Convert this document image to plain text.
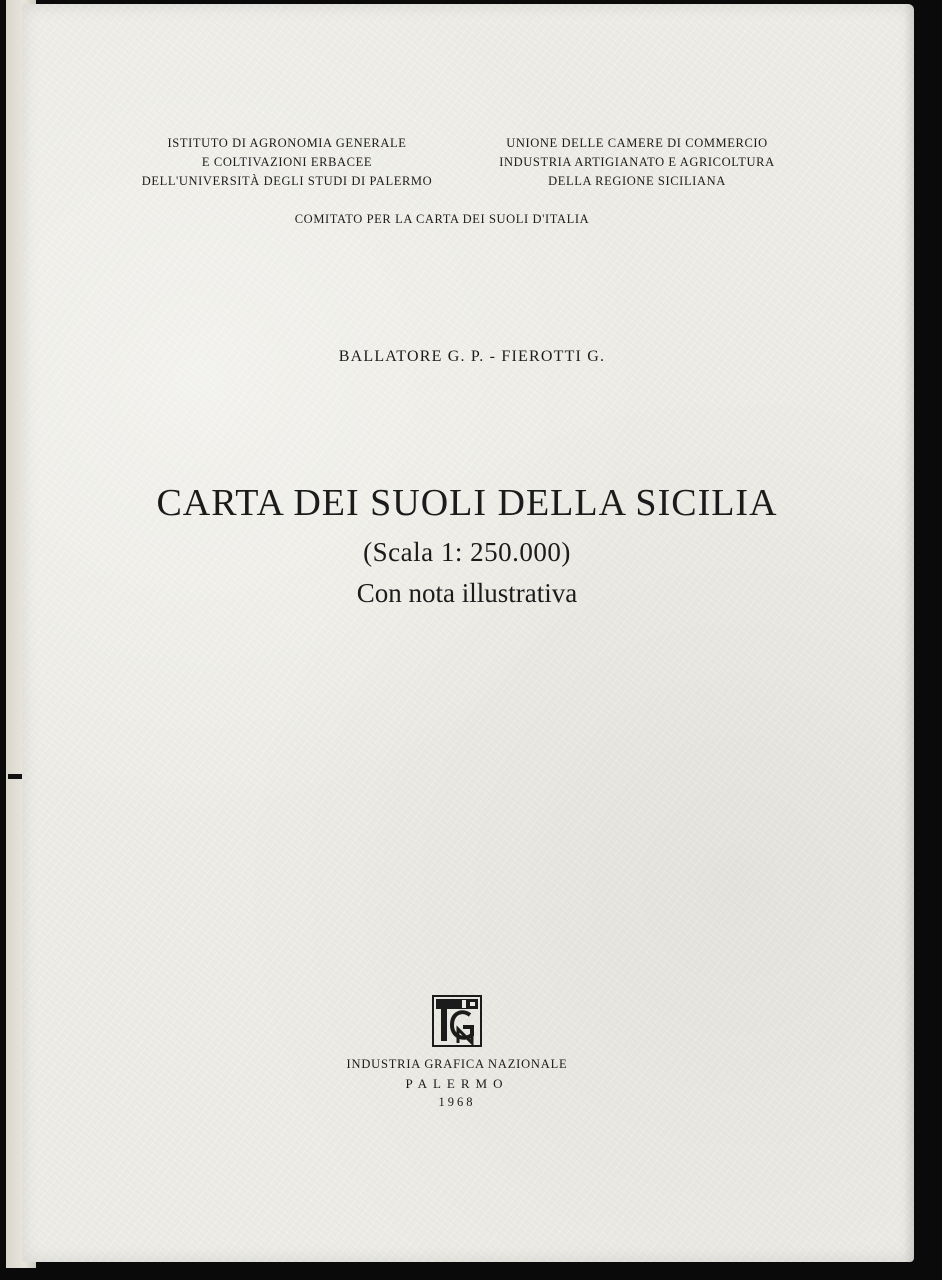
ISTITUTO DI AGRONOMIA GENERALE
E COLTIVAZIONI ERBACEE
DELL'UNIVERSITÀ DEGLI STUDI DI PALERMO
UNIONE DELLE CAMERE DI COMMERCIO
INDUSTRIA ARTIGIANATO E AGRICOLTURA
DELLA REGIONE SICILIANA
COMITATO PER LA CARTA DEI SUOLI D'ITALIA
BALLATORE G. P. - FIEROTTI G.
CARTA DEI SUOLI DELLA SICILIA
(Scala 1: 250.000)
Con nota illustrativa
INDUSTRIA GRAFICA NAZIONALE
PALERMO
1968
